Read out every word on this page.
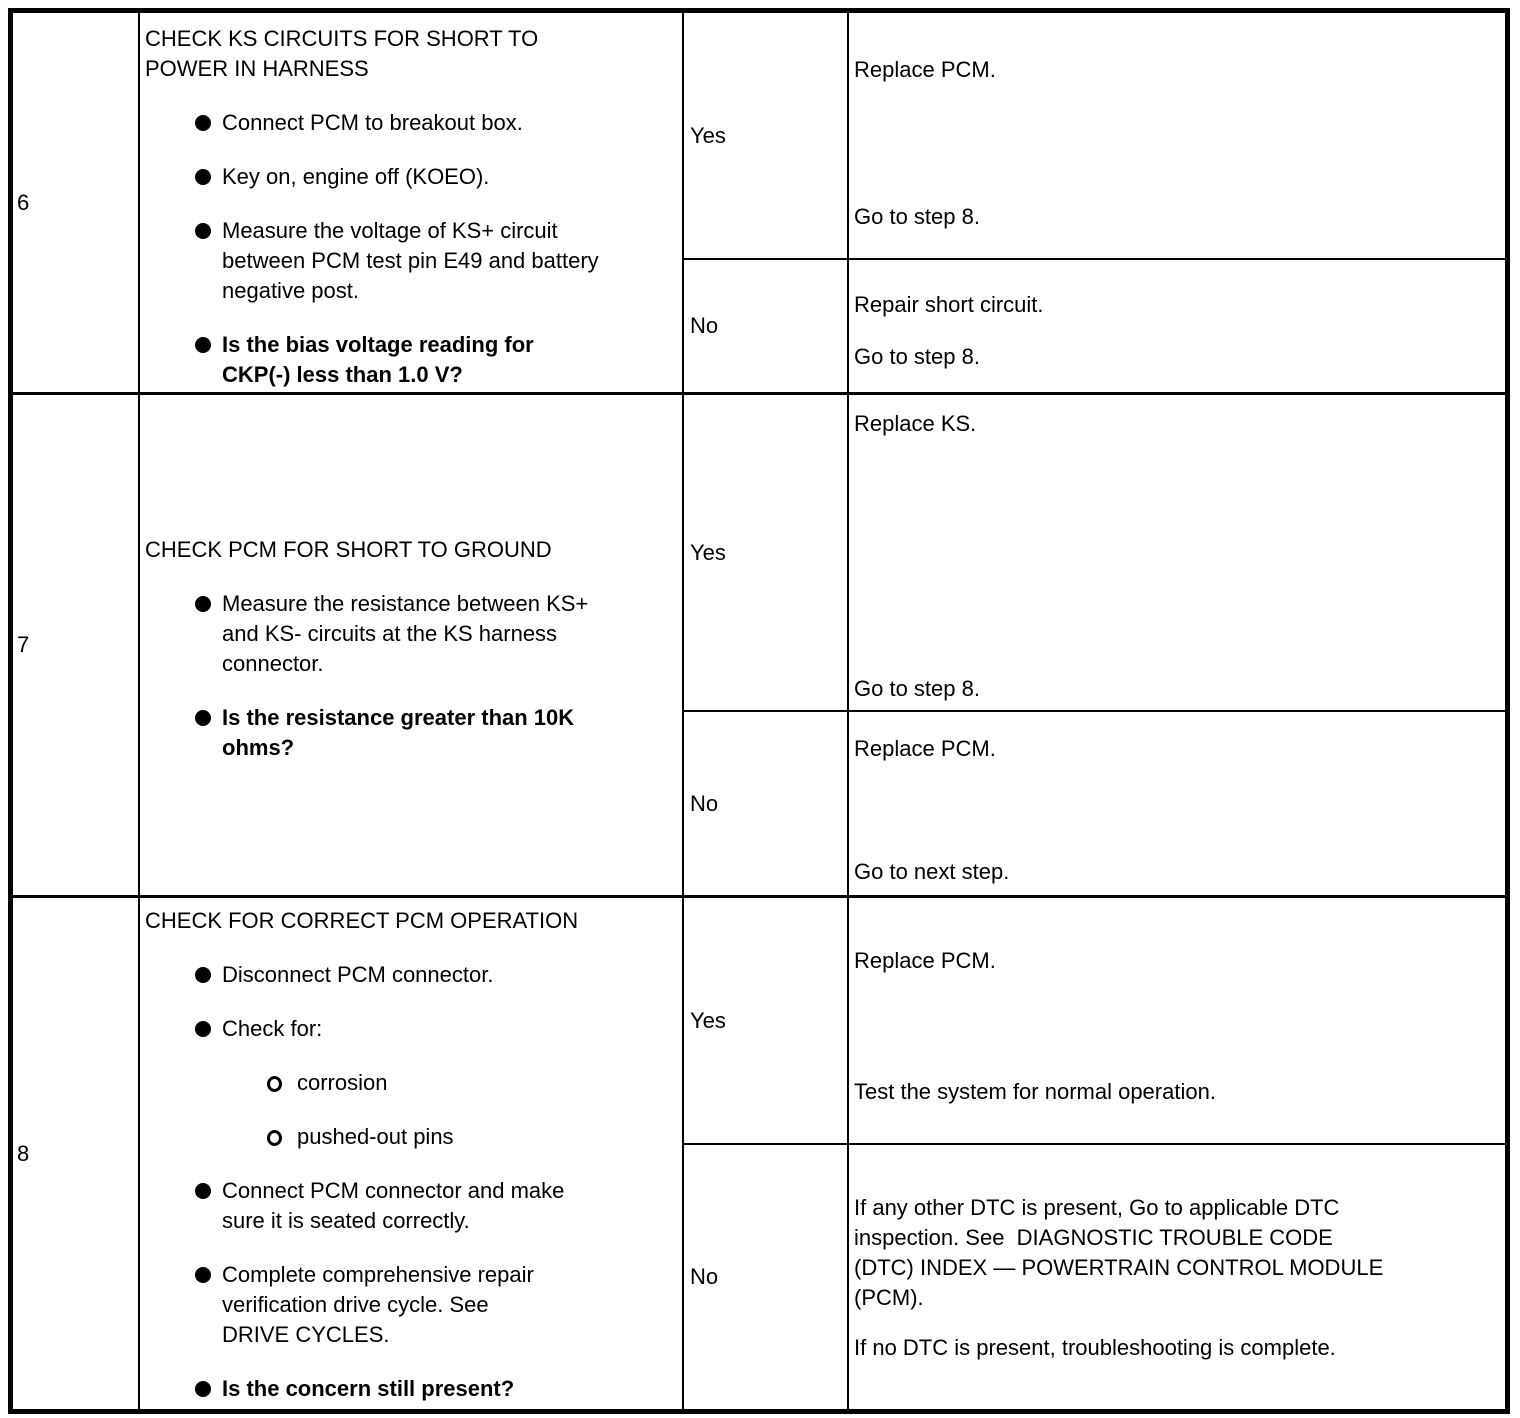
6
CHECK KS CIRCUITS FOR SHORT TO POWER IN HARNESS
Connect PCM to breakout box.
Key on, engine off (KOEO).
Measure the voltage of KS+ circuit between PCM test pin E49 and battery negative post.
Is the bias voltage reading for CKP(-) less than 1.0 V?
Yes
Replace PCM.
Go to step 8.
No
Repair short circuit.
Go to step 8.
7
CHECK PCM FOR SHORT TO GROUND
Measure the resistance between KS+ and KS- circuits at the KS harness connector.
Is the resistance greater than 10K ohms?
Yes
Replace KS.
Go to step 8.
No
Replace PCM.
Go to next step.
8
CHECK FOR CORRECT PCM OPERATION
Disconnect PCM connector.
Check for:
corrosion
pushed-out pins
Connect PCM connector and make sure it is seated correctly.
Complete comprehensive repair verification drive cycle. See DRIVE CYCLES.
Is the concern still present?
Yes
Replace PCM.
Test the system for normal operation.
No
If any other DTC is present, Go to applicable DTC inspection. See  DIAGNOSTIC TROUBLE CODE (DTC) INDEX — POWERTRAIN CONTROL MODULE (PCM).
If no DTC is present, troubleshooting is complete.
